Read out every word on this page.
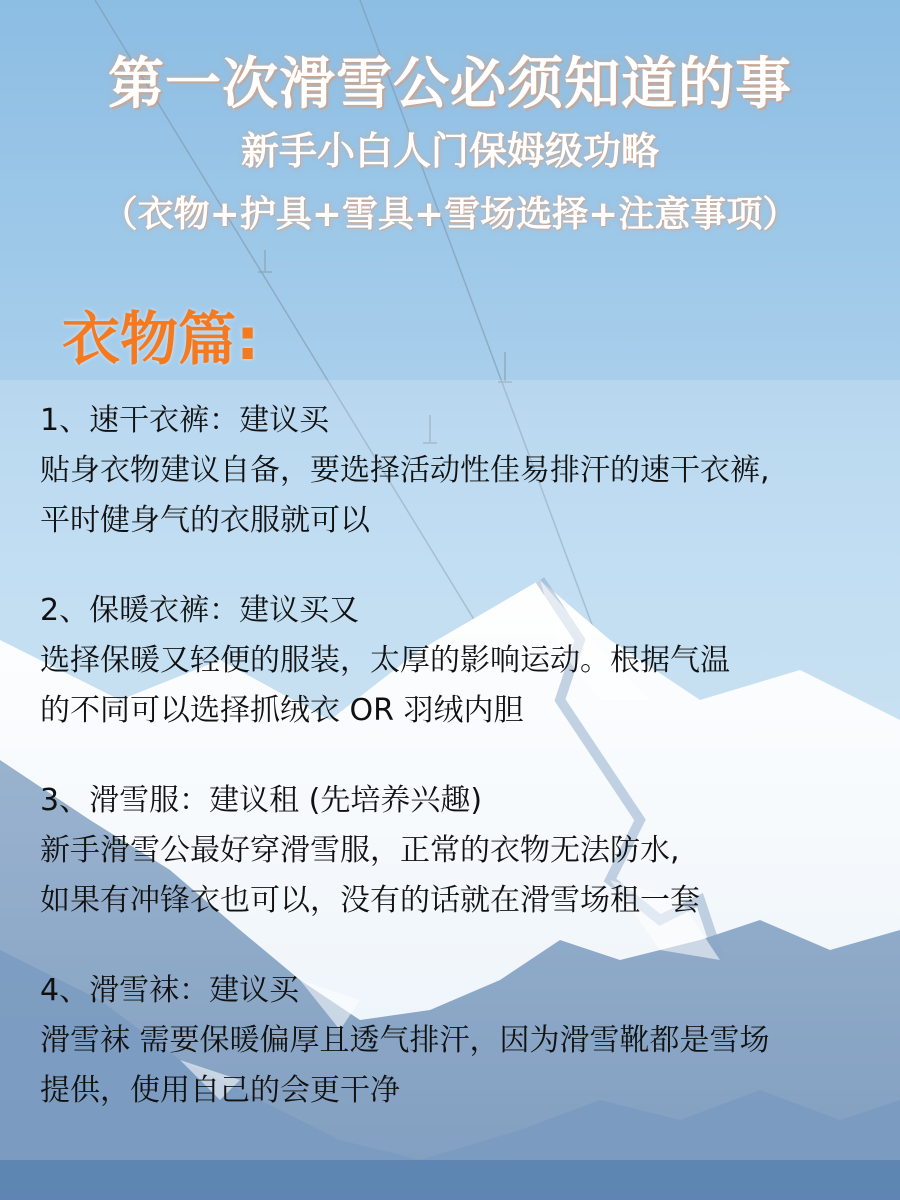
第一次滑雪公必须知道的事
新手小白人门保姆级功略
（衣物+护具+雪具+雪场选择+注意事项）
衣物篇:
1、速干衣裤：建议买
贴身衣物建议自备，要选择活动性佳易排汗的速干衣裤,
平时健身气的衣服就可以
2、保暖衣裤：建议买又
选择保暖又轻便的服装，太厚的影响运动。根据气温
的不同可以选择抓绒衣 OR 羽绒内胆
3、滑雪服：建议租 (先培养兴趣)
新手滑雪公最好穿滑雪服，正常的衣物无法防水,
如果有冲锋衣也可以，没有的话就在滑雪场租一套
4、滑雪袜：建议买
滑雪袜 需要保暖偏厚且透气排汗，因为滑雪靴都是雪场
提供，使用自己的会更干净
